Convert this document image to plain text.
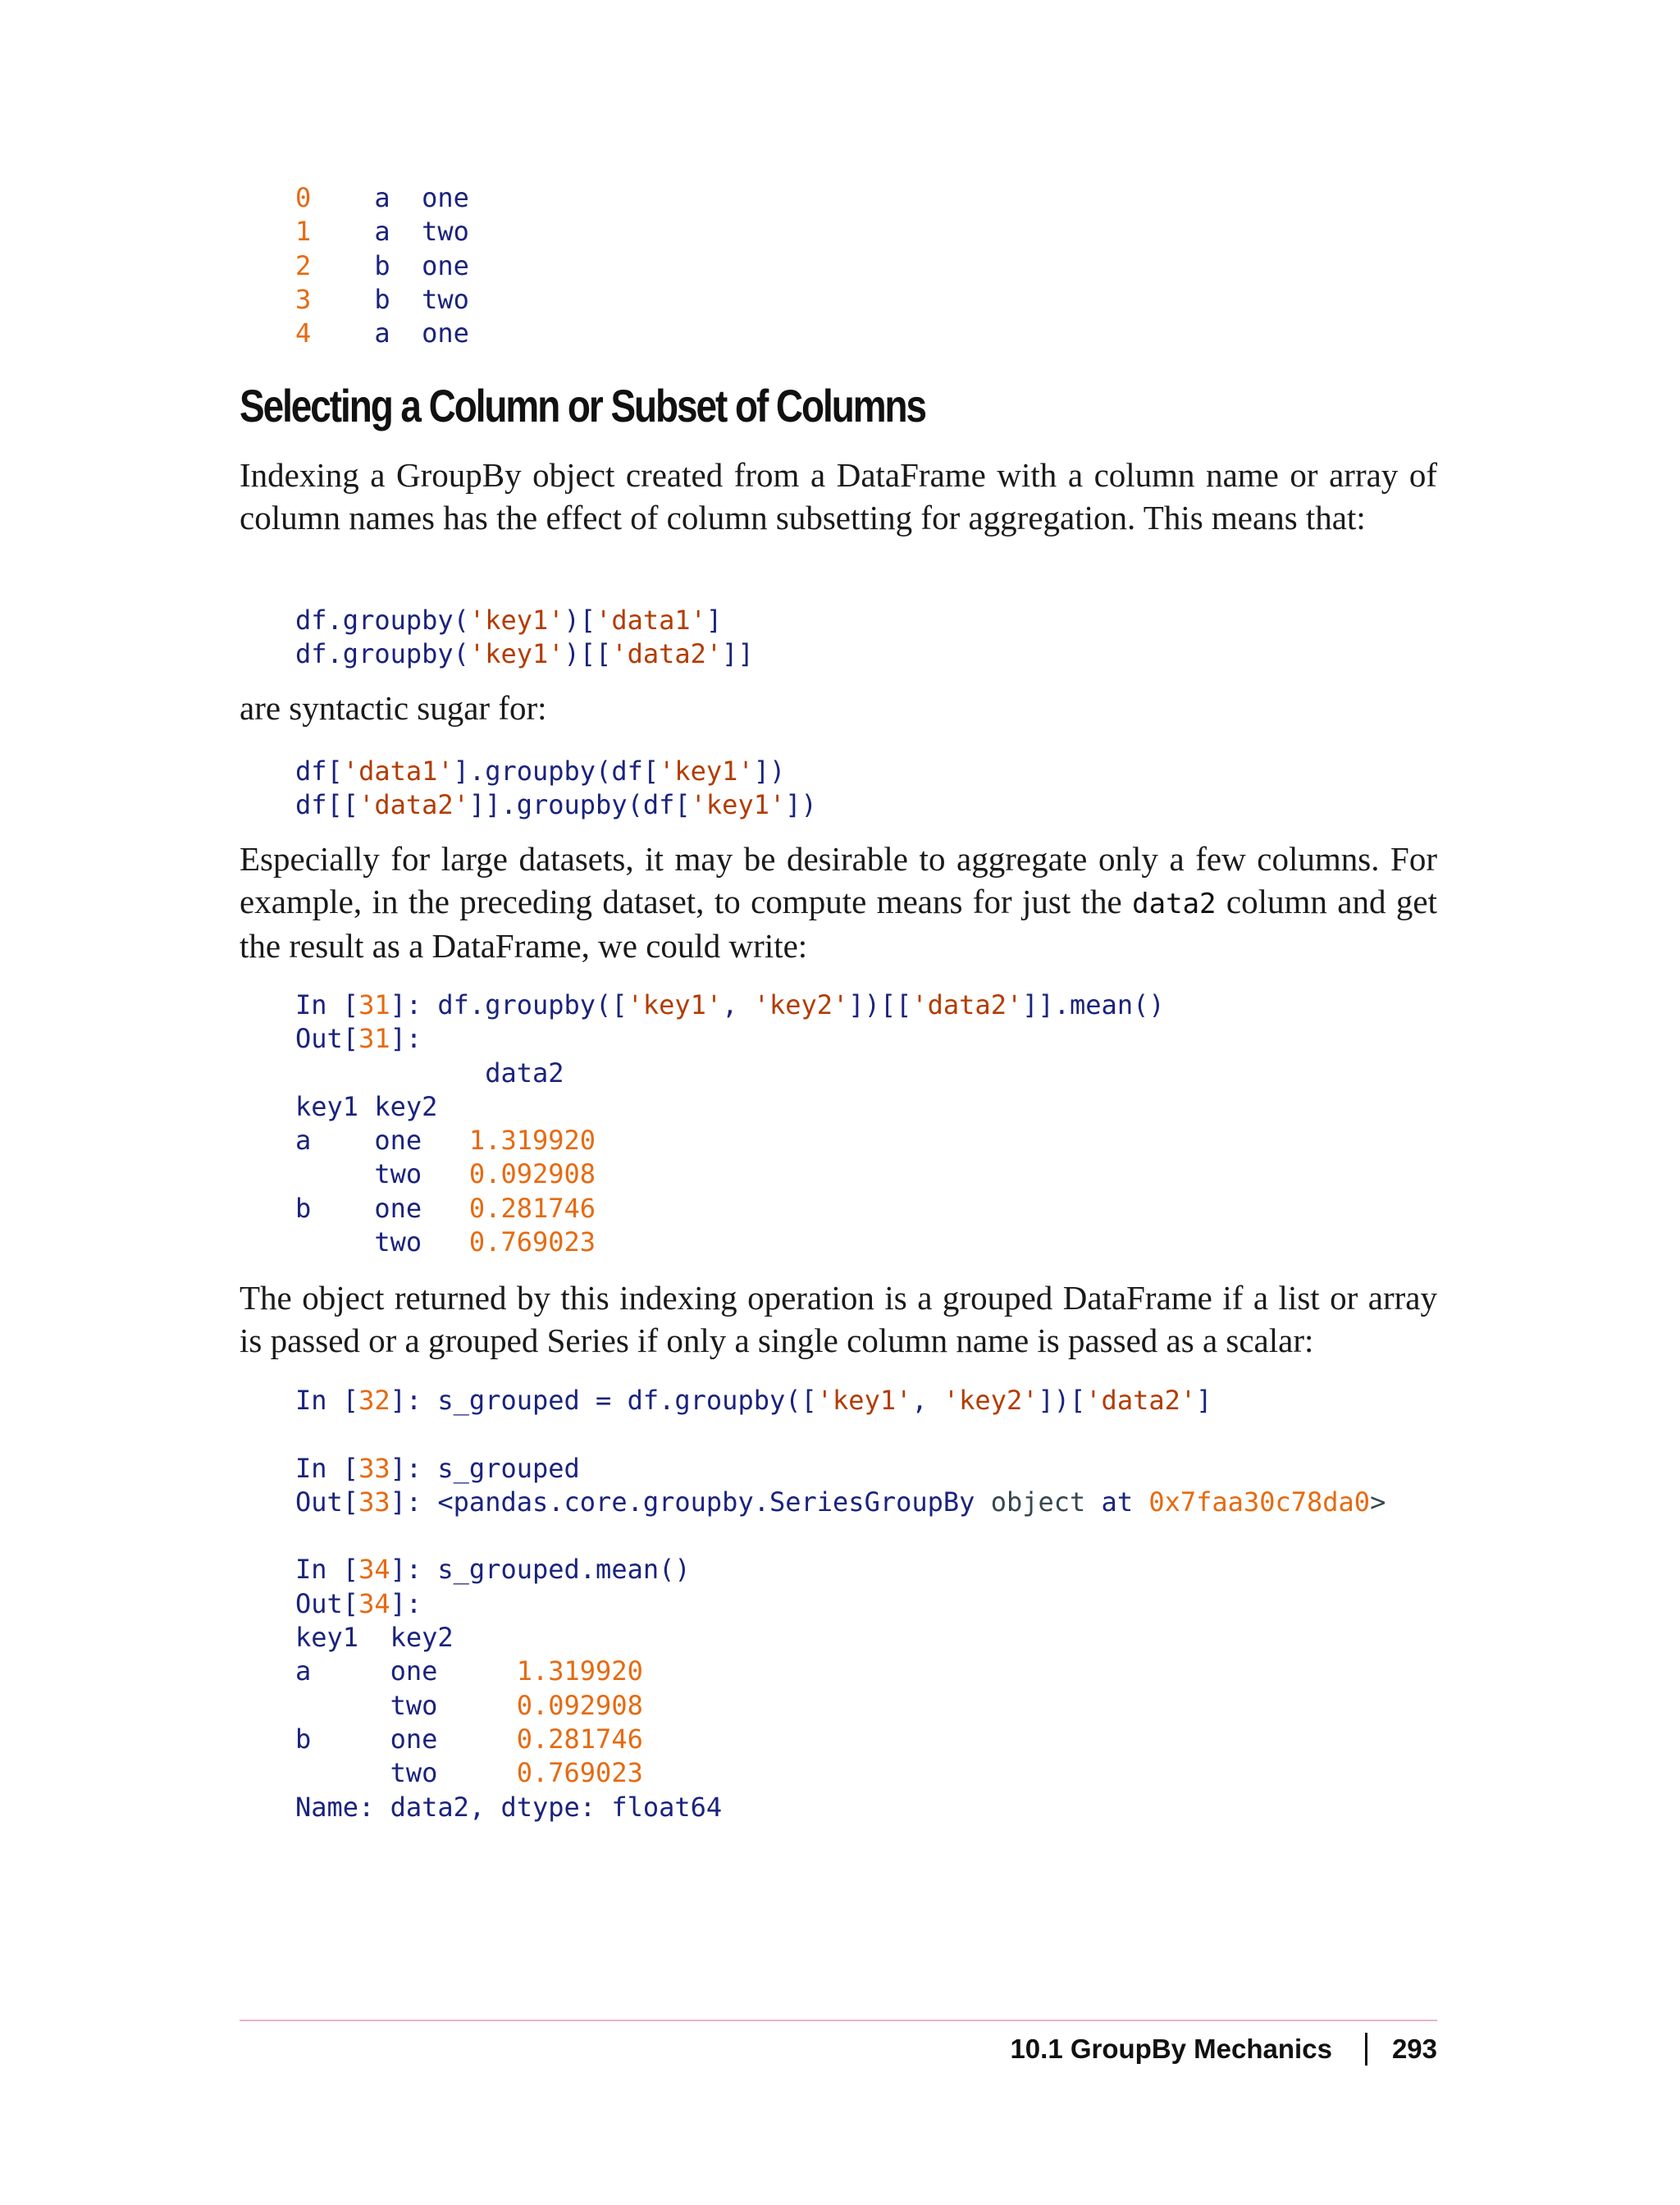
0 a one
1 a two
2 b one
3 b two
4 a one
Selecting a Column or Subset of Columns

Indexing a GroupBy object created from a DataFrame with a column name or array of column names has the effect of column subsetting for aggregation. This means that:

df.groupby('key1')['data1']
df.groupby('key1')[['data2']]

are syntactic sugar for:

df['data1'].groupby(df['key1'])
df[['data2']].groupby(df['key1'])

Especially for large datasets, it may be desirable to aggregate only a few columns. For example, in the preceding dataset, to compute means for just the data2 column and get the result as a DataFrame, we could write:

In [31]: df.groupby(['key1', 'key2'])[['data2']].mean()
Out[31]:
data2
key1 key2
a    one   1.319920
two   0.092908
b    one   0.281746
two   0.769023

The object returned by this indexing operation is a grouped DataFrame if a list or array is passed or a grouped Series if only a single column name is passed as a scalar:

In [32]: s_grouped = df.groupby(['key1', 'key2'])['data2']

In [33]: s_grouped
Out[33]: <pandas.core.groupby.SeriesGroupBy object at 0x7faa30c78da0>

In [34]: s_grouped.mean()
Out[34]:
key1  key2
a     one     1.319920
two     0.092908
b     one     0.281746
two     0.769023
Name: data2, dtype: float64
10.1 GroupBy Mechanics 293
